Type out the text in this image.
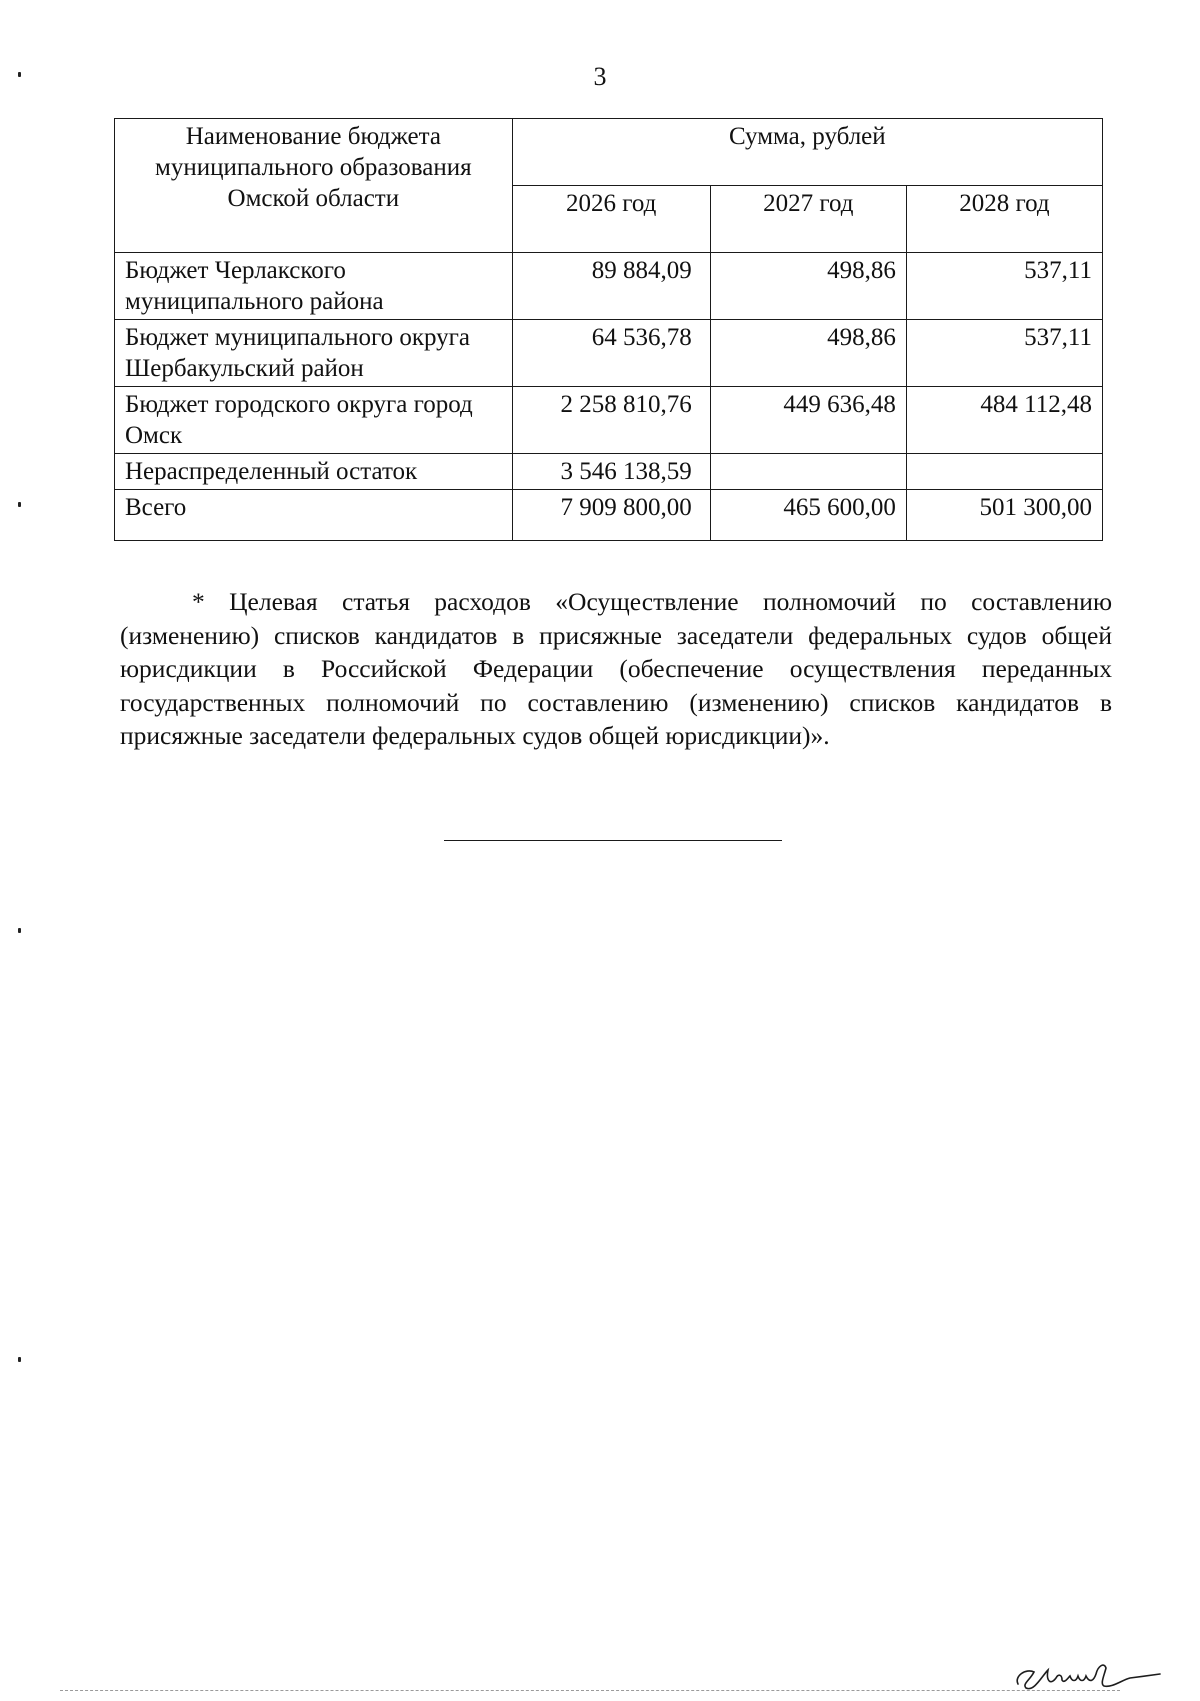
3
Наименование бюджета муниципального образования Омской области	Сумма, рублей		
	2026 год	2027 год	2028 год
Бюджет Черлакского муниципального района	89 884,09	498,86	537,11
Бюджет муниципального округа Шербакульский район	64 536,78	498,86	537,11
Бюджет городского округа город Омск	2 258 810,76	449 636,48	484 112,48
Нераспределенный остаток	3 546 138,59		
Всего	7 909 800,00	465 600,00	501 300,00

* Целевая статья расходов «Осуществление полномочий по составлению (изменению) списков кандидатов в присяжные заседатели федеральных судов общей юрисдикции в Российской Федерации (обеспечение осуществления переданных государственных полномочий по составлению (изменению) списков кандидатов в присяжные заседатели федеральных судов общей юрисдикции)».
